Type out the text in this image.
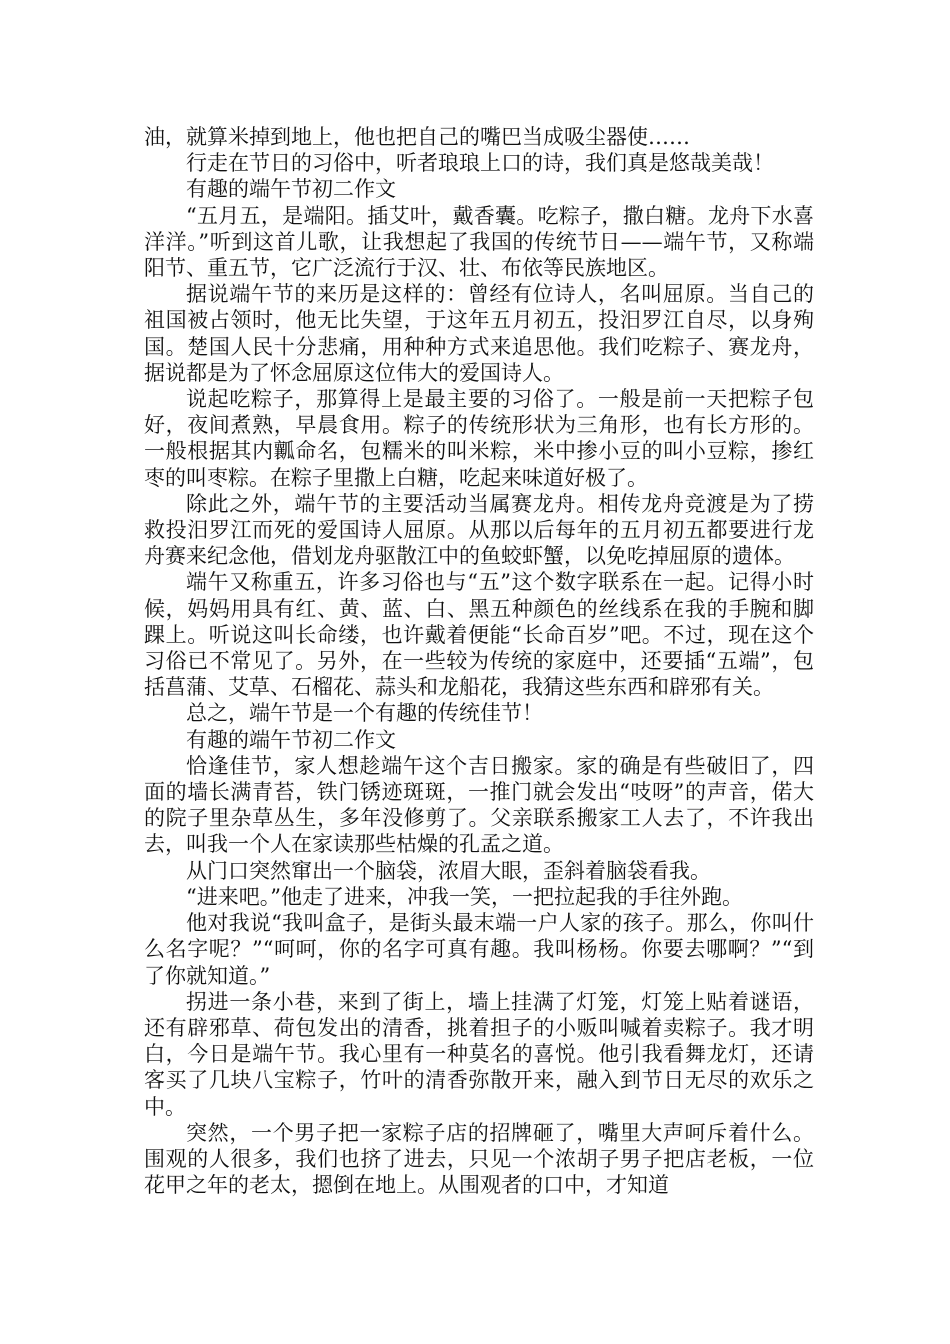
油，就算米掉到地上，他也把自己的嘴巴当成吸尘器使……

行走在节日的习俗中，听者琅琅上口的诗，我们真是悠哉美哉！

有趣的端午节初二作文

“五月五，是端阳。插艾叶，戴香囊。吃粽子，撒白糖。龙舟下水喜洋洋。”听到这首儿歌，让我想起了我国的传统节日——端午节，又称端阳节、重五节，它广泛流行于汉、壮、布依等民族地区。

据说端午节的来历是这样的：曾经有位诗人，名叫屈原。当自己的祖国被占领时，他无比失望，于这年五月初五，投汨罗江自尽，以身殉国。楚国人民十分悲痛，用种种方式来追思他。我们吃粽子、赛龙舟，据说都是为了怀念屈原这位伟大的爱国诗人。

说起吃粽子，那算得上是最主要的习俗了。一般是前一天把粽子包好，夜间煮熟，早晨食用。粽子的传统形状为三角形，也有长方形的。一般根据其内瓤命名，包糯米的叫米粽，米中掺小豆的叫小豆粽，掺红枣的叫枣粽。在粽子里撒上白糖，吃起来味道好极了。

除此之外，端午节的主要活动当属赛龙舟。相传龙舟竞渡是为了捞救投汨罗江而死的爱国诗人屈原。从那以后每年的五月初五都要进行龙舟赛来纪念他，借划龙舟驱散江中的鱼蛟虾蟹，以免吃掉屈原的遗体。

端午又称重五，许多习俗也与“五”这个数字联系在一起。记得小时候，妈妈用具有红、黄、蓝、白、黑五种颜色的丝线系在我的手腕和脚踝上。听说这叫长命缕，也许戴着便能“长命百岁”吧。不过，现在这个习俗已不常见了。另外，在一些较为传统的家庭中，还要插“五端”，包括菖蒲、艾草、石榴花、蒜头和龙船花，我猜这些东西和辟邪有关。

总之，端午节是一个有趣的传统佳节！

有趣的端午节初二作文

恰逢佳节，家人想趁端午这个吉日搬家。家的确是有些破旧了，四面的墙长满青苔，铁门锈迹斑斑，一推门就会发出“吱呀”的声音，偌大的院子里杂草丛生，多年没修剪了。父亲联系搬家工人去了，不许我出去，叫我一个人在家读那些枯燥的孔孟之道。

从门口突然窜出一个脑袋，浓眉大眼，歪斜着脑袋看我。

“进来吧。”他走了进来，冲我一笑，一把拉起我的手往外跑。

他对我说“我叫盒子，是街头最末端一户人家的孩子。那么，你叫什么名字呢？”“呵呵，你的名字可真有趣。我叫杨杨。你要去哪啊？”“到了你就知道。”

拐进一条小巷，来到了街上，墙上挂满了灯笼，灯笼上贴着谜语，还有辟邪草、荷包发出的清香，挑着担子的小贩叫喊着卖粽子。我才明白，今日是端午节。我心里有一种莫名的喜悦。他引我看舞龙灯，还请客买了几块八宝粽子，竹叶的清香弥散开来，融入到节日无尽的欢乐之中。

突然，一个男子把一家粽子店的招牌砸了，嘴里大声呵斥着什么。围观的人很多，我们也挤了进去，只见一个浓胡子男子把店老板，一位花甲之年的老太，摁倒在地上。从围观者的口中，才知道
